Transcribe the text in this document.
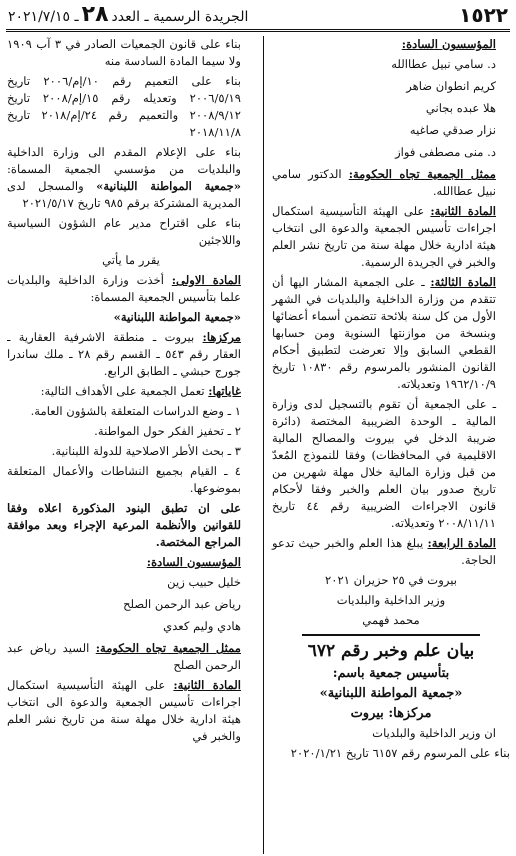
١٥٢٢
الجريدة الرسمية ـ العدد٢٨ـ ٢٠٢١/٧/١٥

المؤسسون السادة:

د. سامي نبيل عطاالله

كريم انطوان ضاهر

هلا عبده بجاني

نزار صدقي صاغيه

د. منى مصطفى فواز

ممثل الجمعية تجاه الحكومة: الدكتور سامي نبيل عطاالله.

المادة الثانية: على الهيئة التأسيسية استكمال اجراءات تأسيس الجمعية والدعوة الى انتخاب هيئة ادارية خلال مهلة سنة من تاريخ نشر العلم والخبر في الجريدة الرسمية.

المادة الثالثة: ـ على الجمعية المشار اليها أن تتقدم من وزارة الداخلية والبلديات في الشهر الأول من كل سنة بلائحة تتضمن أسماء أعضائها وبنسخة من موازنتها السنوية ومن حسابها القطعي السابق وإلا تعرضت لتطبيق أحكام القانون المنشور بالمرسوم رقم ١٠٨٣٠ تاريخ ١٩٦٢/١٠/٩ وتعديلاته.

ـ على الجمعية أن تقوم بالتسجيل لدى وزارة المالية ـ الوحدة الضريبية المختصة (دائرة ضريبة الدخل في بيروت والمصالح المالية الاقليمية في المحافظات) وفقا للنموذج المُعدّ من قبل وزارة المالية خلال مهلة شهرين من تاريخ صدور بيان العلم والخبر وفقا لأحكام قانون الاجراءات الضريبية رقم ٤٤ تاريخ ٢٠٠٨/١١/١١ وتعديلاته.

المادة الرابعة: يبلغ هذا العلم والخبر حيث تدعو الحاجة.

بيروت في ٢٥ حزيران ٢٠٢١

وزير الداخلية والبلديات

محمد فهمي

بيان علم وخبر رقم ٦٧٢

بتأسيس جمعية باسم:

«جمعية المواطنة اللبنانية»

مركزها: بيروت

ان وزير الداخلية والبلديات

بناء على المرسوم رقم ٦١٥٧ تاريخ ٢٠٢٠/١/٢١

بناء على قانون الجمعيات الصادر في ٣ آب ١٩٠٩ ولا سيما المادة السادسة منه

بناء على التعميم رقم ١٠/إم/٢٠٠٦ تاريخ ٢٠٠٦/٥/١٩ وتعديله رقم ١٥/إم/٢٠٠٨ تاريخ ٢٠٠٨/٩/١٢ والتعميم رقم ٢٤/إم/٢٠١٨ تاريخ ٢٠١٨/١١/٨

بناء على الإعلام المقدم الى وزارة الداخلية والبلديات من مؤسسي الجمعية المسماة: «جمعية المواطنة اللبنانية» والمسجل لدى المديرية المشتركة برقم ٩٨٥ تاريخ ٢٠٢١/٥/١٧

بناء على اقتراح مدير عام الشؤون السياسية واللاجئين

يقرر ما يأتي

المادة الاولى: أخذت وزارة الداخلية والبلديات علما بتأسيس الجمعية المسماة:

«جمعية المواطنة اللبنانية»

مركزها: بيروت ـ منطقة الاشرفية العقارية ـ العقار رقم ٥٤٣ ـ القسم رقم ٢٨ ـ ملك ساندرا جورج حبشي ـ الطابق الرابع.

غاياتها: تعمل الجمعية على الأهداف التالية:

١ ـ وضع الدراسات المتعلقة بالشؤون العامة.

٢ ـ تحفيز الفكر حول المواطنة.

٣ ـ بحث الأطر الاصلاحية للدولة اللبنانية.

٤ ـ القيام بجميع النشاطات والأعمال المتعلقة بموضوعها.

على ان تطبق البنود المذكورة اعلاه وفقا للقوانين والأنظمة المرعية الإجراء وبعد موافقة المراجع المختصة.

المؤسسون السادة:

خليل حبيب زين

رياض عبد الرحمن الصلح

هادي وليم كعدي

ممثل الجمعية تجاه الحكومة: السيد رياض عبد الرحمن الصلح

المادة الثانية: على الهيئة التأسيسية استكمال اجراءات تأسيس الجمعية والدعوة الى انتخاب هيئة ادارية خلال مهلة سنة من تاريخ نشر العلم والخبر في
